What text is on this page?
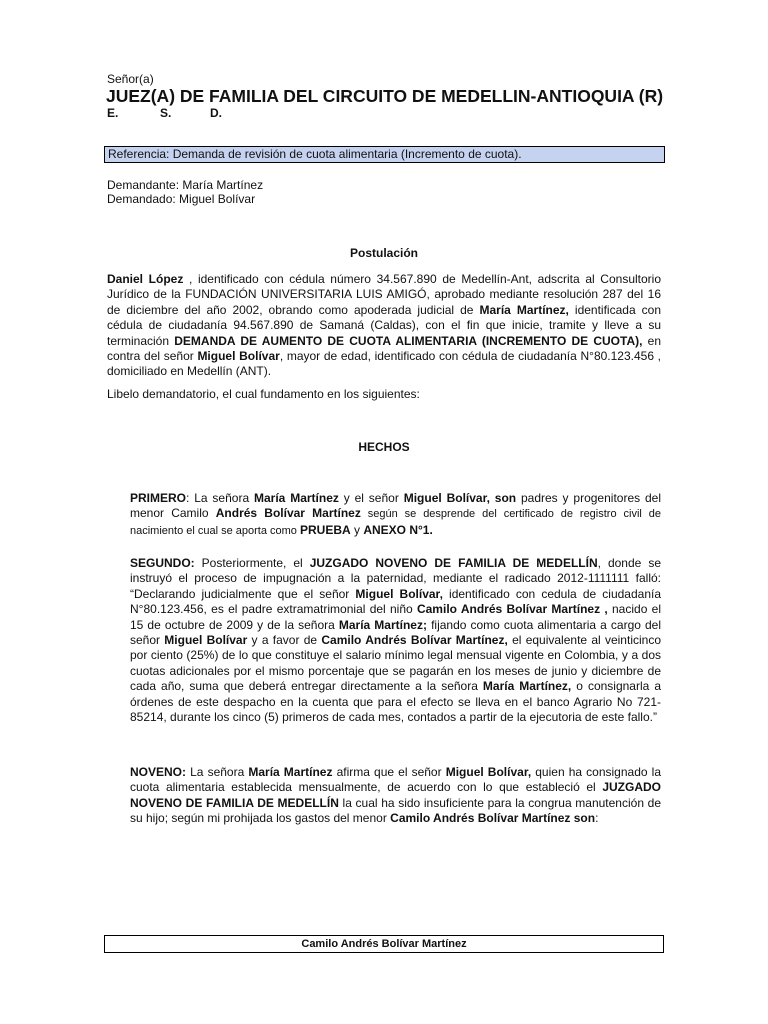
Señor(a)
JUEZ(A) DE FAMILIA DEL CIRCUITO DE MEDELLIN-ANTIOQUIA (R)
E.	S.	D.
Referencia: Demanda de revisión de cuota alimentaria (Incremento de cuota).
Demandante: María Martínez
Demandado: Miguel Bolívar
Postulación
Daniel López , identificado con cédula número 34.567.890 de Medellín-Ant, adscrita al Consultorio Jurídico de la FUNDACIÓN UNIVERSITARIA LUIS AMIGÓ, aprobado mediante resolución 287 del 16 de diciembre del año 2002, obrando como apoderada judicial de María Martínez, identificada con cédula de ciudadanía 94.567.890 de Samaná (Caldas), con el fin que inicie, tramite y lleve a su terminación DEMANDA DE AUMENTO DE CUOTA ALIMENTARIA (INCREMENTO DE CUOTA), en contra del señor Miguel Bolívar, mayor de edad, identificado con cédula de ciudadanía N°80.123.456 , domiciliado en Medellín (ANT).
Libelo demandatorio, el cual fundamento en los siguientes:
HECHOS
PRIMERO: La señora María Martínez y el señor Miguel Bolívar, son padres y progenitores del menor Camilo Andrés Bolívar Martínez según se desprende del certificado de registro civil de nacimiento el cual se aporta como PRUEBA y ANEXO N°1.
SEGUNDO: Posteriormente, el JUZGADO NOVENO DE FAMILIA DE MEDELLÍN, donde se instruyó el proceso de impugnación a la paternidad, mediante el radicado 2012-1111111 falló: “Declarando judicialmente que el señor Miguel Bolívar, identificado con cedula de ciudadanía N°80.123.456, es el padre extramatrimonial del niño Camilo Andrés Bolívar Martínez , nacido el 15 de octubre de 2009 y de la señora María Martínez; fijando como cuota alimentaria a cargo del señor Miguel Bolívar y a favor de Camilo Andrés Bolívar Martínez, el equivalente al veinticinco por ciento (25%) de lo que constituye el salario mínimo legal mensual vigente en Colombia, y a dos cuotas adicionales por el mismo porcentaje que se pagarán en los meses de junio y diciembre de cada año, suma que deberá entregar directamente a la señora María Martínez, o consignarla a órdenes de este despacho en la cuenta que para el efecto se lleva en el banco Agrario No 721-85214, durante los cinco (5) primeros de cada mes, contados a partir de la ejecutoria de este fallo.”
NOVENO: La señora María Martínez afirma que el señor Miguel Bolívar, quien ha consignado la cuota alimentaria establecida mensualmente, de acuerdo con lo que estableció el JUZGADO NOVENO DE FAMILIA DE MEDELLÍN la cual ha sido insuficiente para la congrua manutención de su hijo; según mi prohijada los gastos del menor Camilo Andrés Bolívar Martínez son:
Camilo Andrés Bolívar Martínez
